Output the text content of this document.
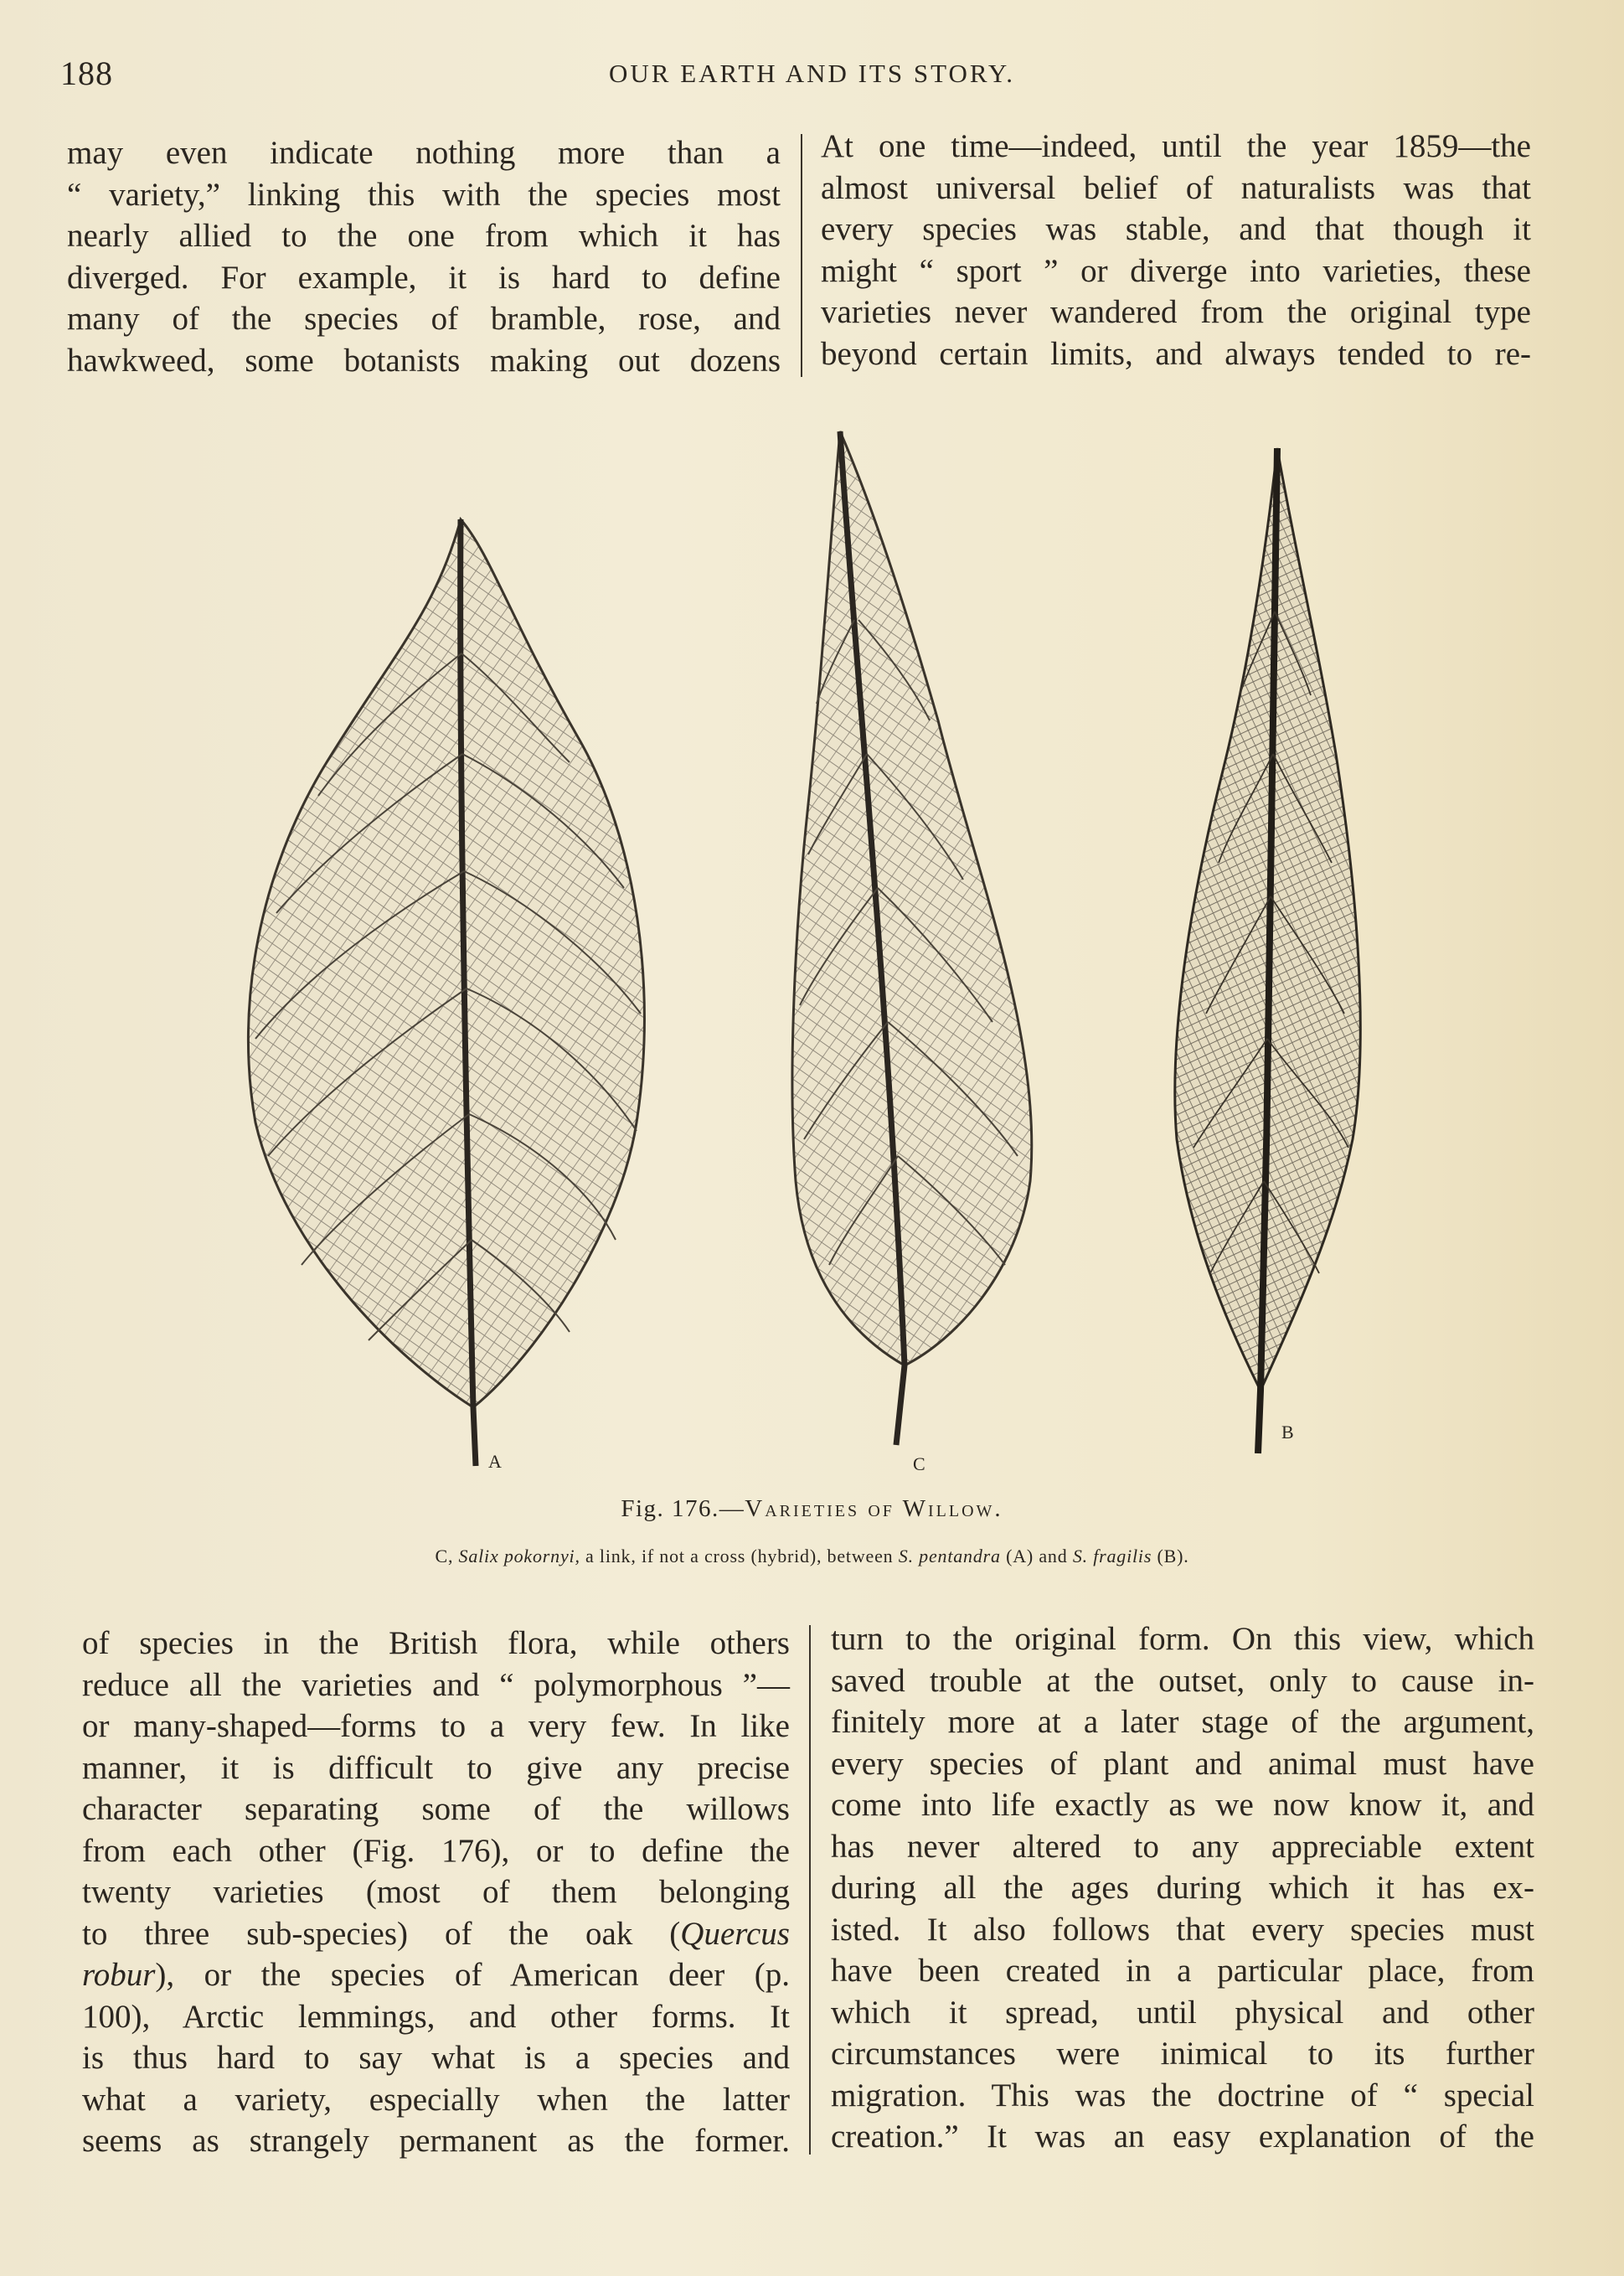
188	OUR EARTH AND ITS STORY.
may even indicate nothing more than a
“ variety,” linking this with the species most
nearly allied to the one from which it has
diverged. For example, it is hard to define
many of the species of bramble, rose, and
hawkweed, some botanists making out dozens
At one time—indeed, until the year 1859—the
almost universal belief of naturalists was that
every species was stable, and that though it
might “ sport ” or diverge into varieties, these
varieties never wandered from the original type
beyond certain limits, and always tended to re-
A	C
B
Fig. 176.—Varieties of Willow.
C, Salix pokornyi, a link, if not a cross (hybrid), between S. pentandra (A) and S. fragilis (B).
of species in the British flora, while others
reduce all the varieties and “ polymorphous ”—
or many-shaped—forms to a very few. In like
manner, it is difficult to give any precise
character separating some of the willows
from each other (Fig. 176), or to define the
twenty varieties (most of them belonging
to three sub-species) of the oak (Quercus
robur), or the species of American deer (p.
100), Arctic lemmings, and other forms. It
is thus hard to say what is a species and
what a variety, especially when the latter
seems as strangely permanent as the former.
turn to the original form. On this view, which
saved trouble at the outset, only to cause in-
finitely more at a later stage of the argument,
every species of plant and animal must have
come into life exactly as we now know it, and
has never altered to any appreciable extent
during all the ages during which it has ex-
isted. It also follows that every species must
have been created in a particular place, from
which it spread, until physical and other
circumstances were inimical to its further
migration. This was the doctrine of “ special
creation.” It was an easy explanation of the
